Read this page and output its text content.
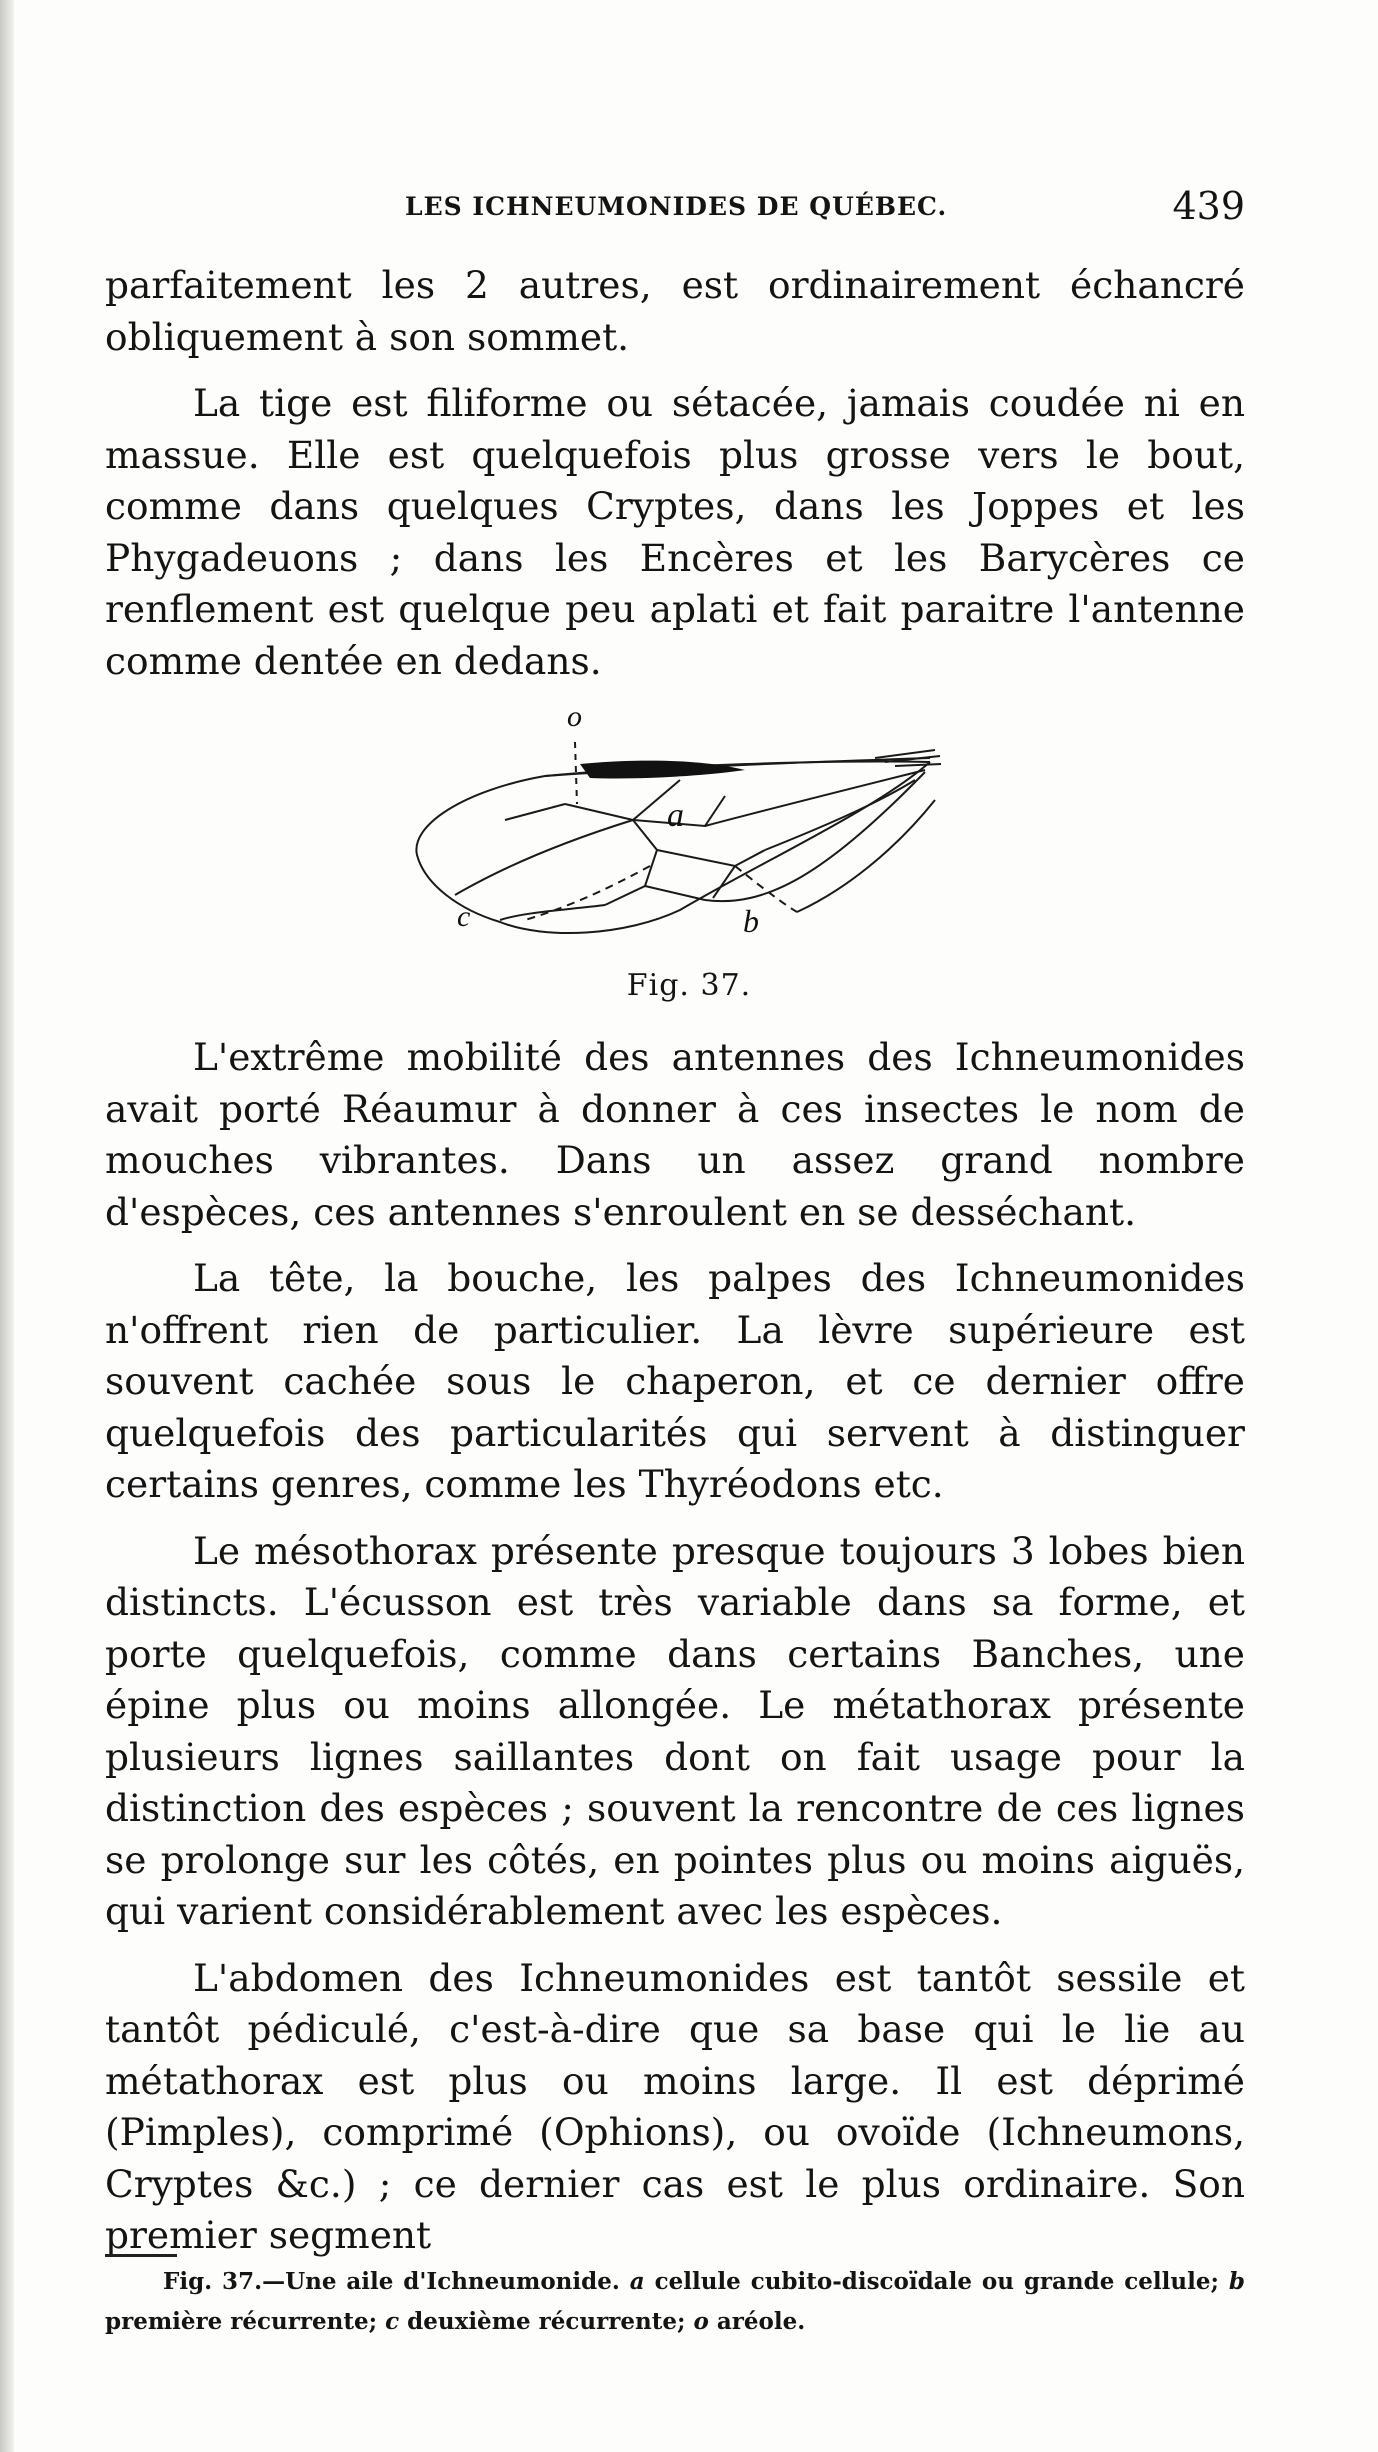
LES ICHNEUMONIDES DE QUÉBEC.	439

parfaitement les 2 autres, est ordinairement échancré obliquement à son sommet.

La tige est filiforme ou sétacée, jamais coudée ni en massue. Elle est quelquefois plus grosse vers le bout, comme dans quelques Cryptes, dans les Joppes et les Phygadeuons ; dans les Encères et les Barycères ce renflement est quelque peu aplati et fait paraitre l'antenne comme dentée en dedans.

o
a
b
c
Fig. 37.

L'extrême mobilité des antennes des Ichneumonides avait porté Réaumur à donner à ces insectes le nom de mouches vibrantes. Dans un assez grand nombre d'espèces, ces antennes s'enroulent en se desséchant.

La tête, la bouche, les palpes des Ichneumonides n'offrent rien de particulier. La lèvre supérieure est souvent cachée sous le chaperon, et ce dernier offre quelquefois des particularités qui servent à distinguer certains genres, comme les Thyréodons etc.

Le mésothorax présente presque toujours 3 lobes bien distincts. L'écusson est très variable dans sa forme, et porte quelquefois, comme dans certains Banches, une épine plus ou moins allongée. Le métathorax présente plusieurs lignes saillantes dont on fait usage pour la distinction des espèces ; souvent la rencontre de ces lignes se prolonge sur les côtés, en pointes plus ou moins aiguës, qui varient considérablement avec les espèces.

L'abdomen des Ichneumonides est tantôt sessile et tantôt pédiculé, c'est-à-dire que sa base qui le lie au métathorax est plus ou moins large. Il est déprimé (Pimples), comprimé (Ophions), ou ovoïde (Ichneumons, Cryptes &c.) ; ce dernier cas est le plus ordinaire. Son premier segment

Fig. 37.—Une aile d'Ichneumonide. a cellule cubito-discoïdale ou grande cellule; b première récurrente; c deuxième récurrente; o aréole.
